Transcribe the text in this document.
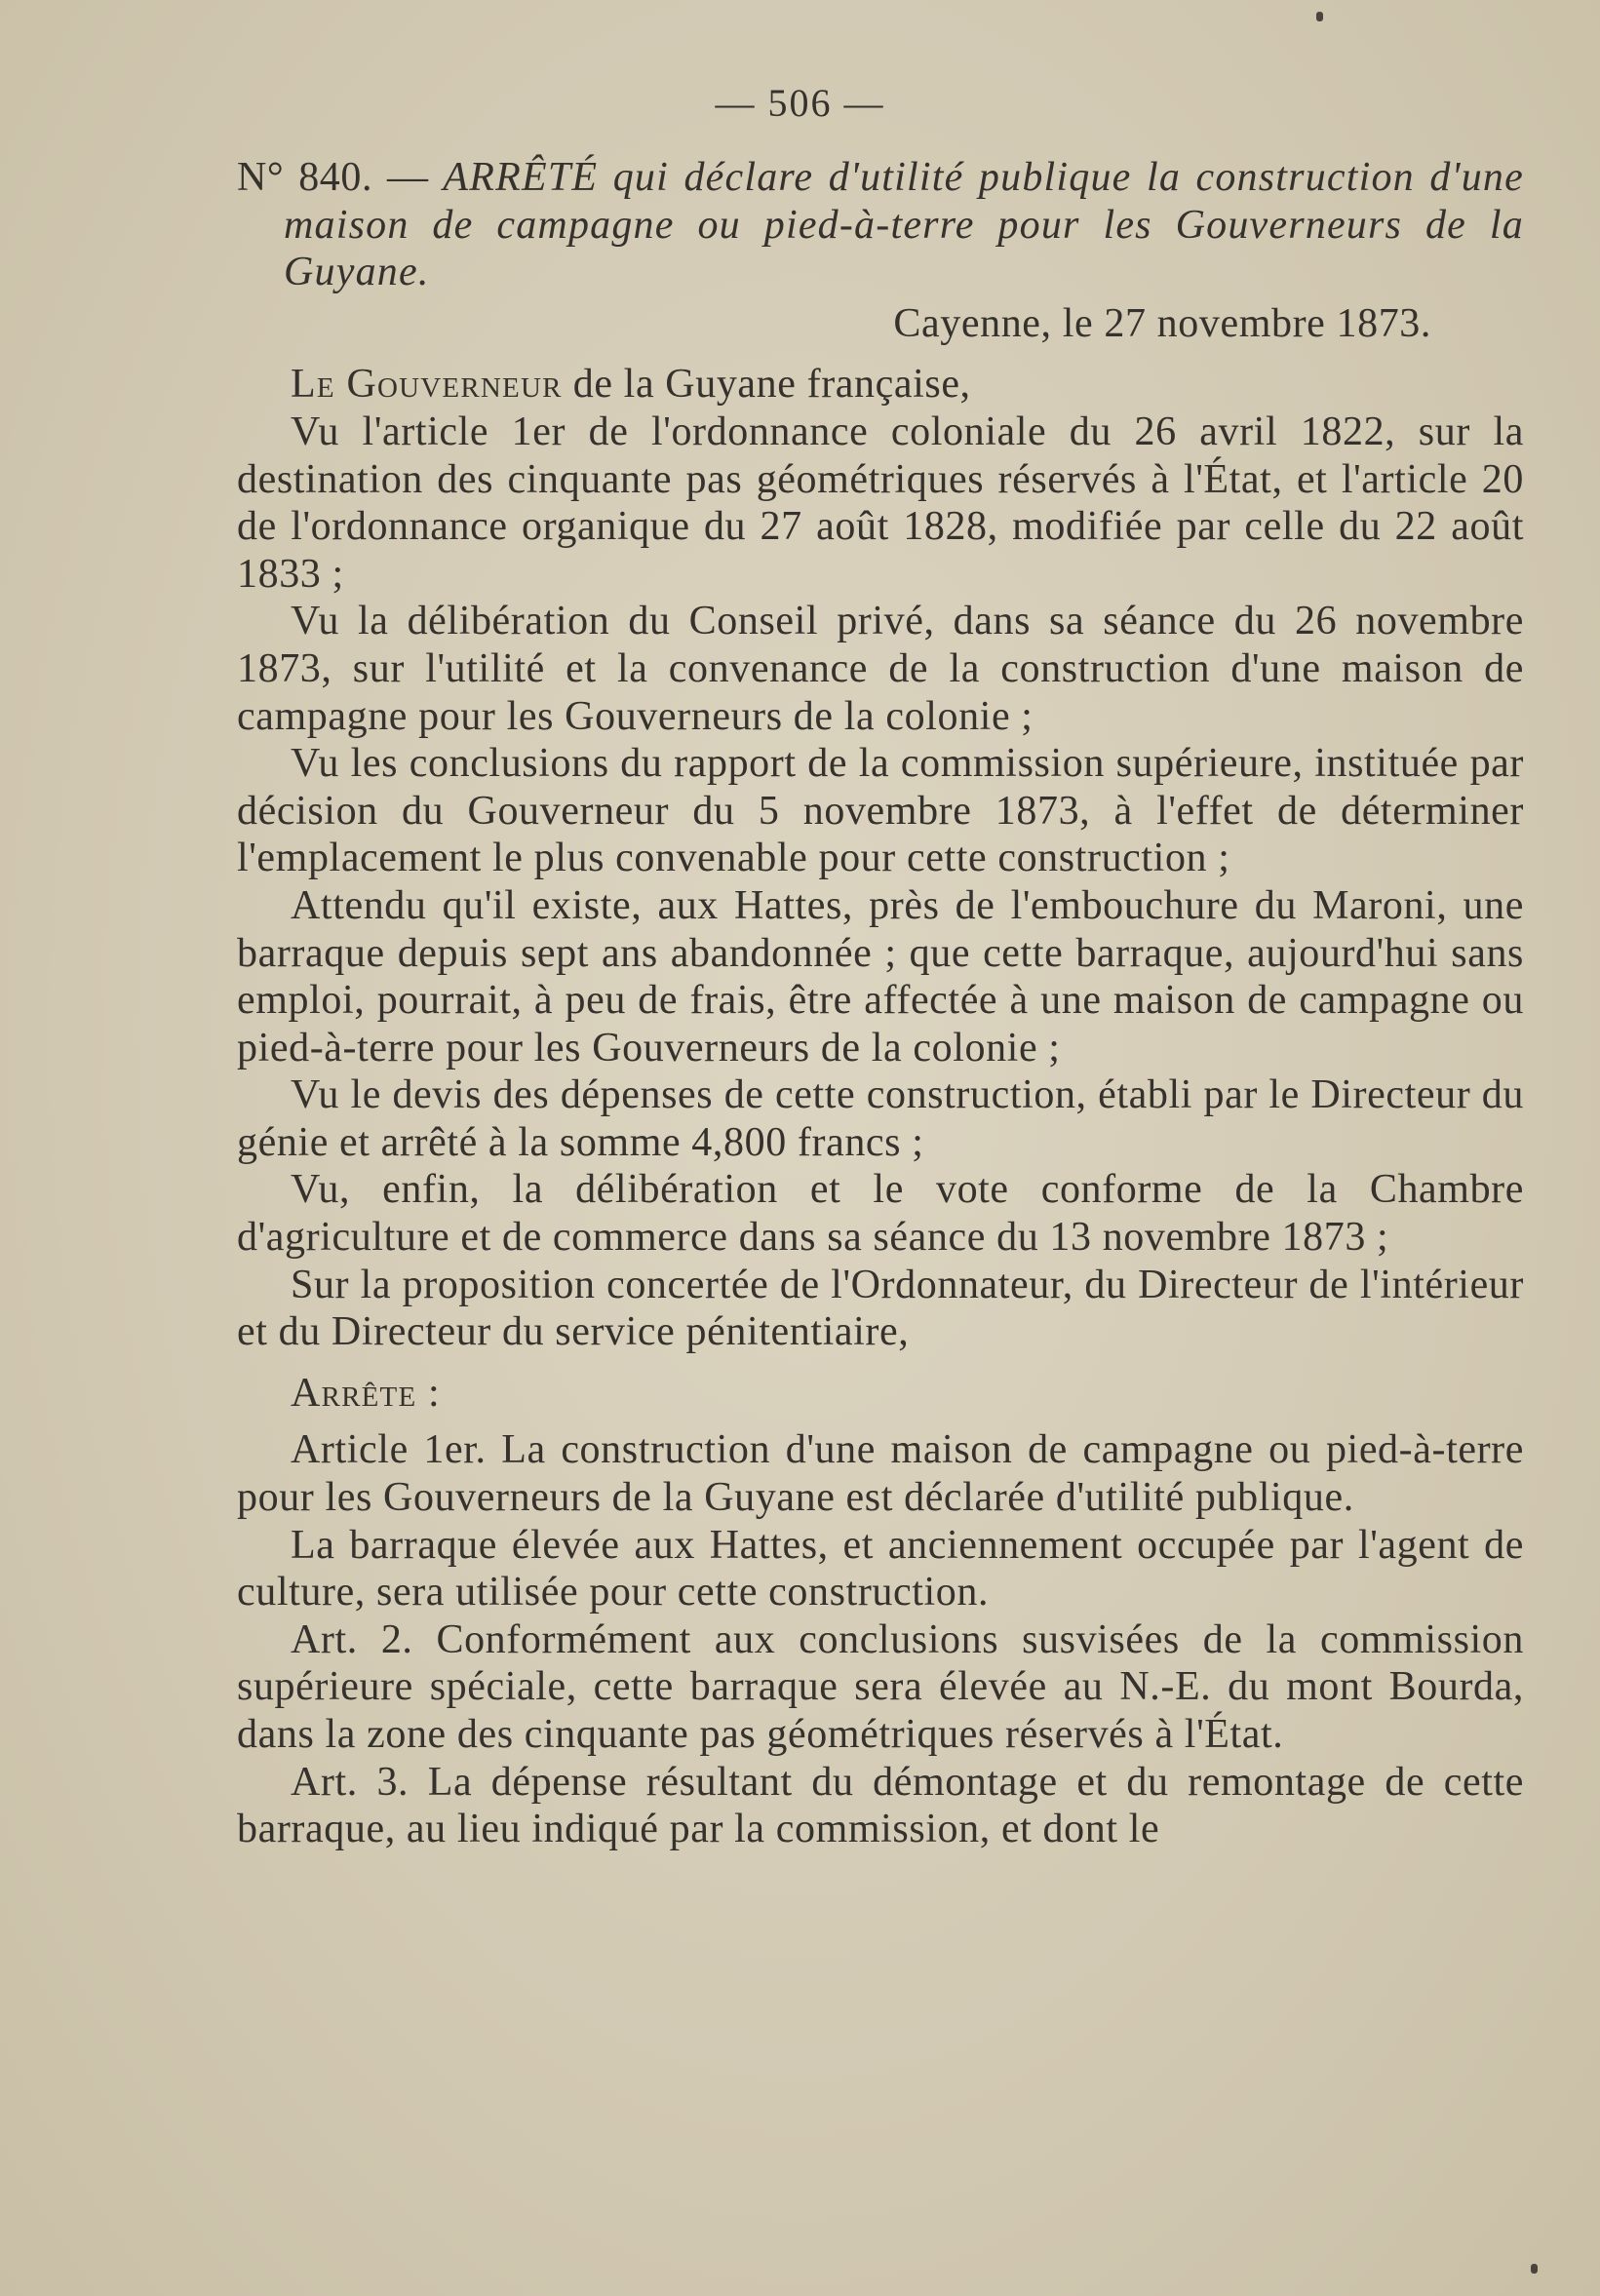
— 506 —

N° 840. — ARRÊTÉ qui déclare d'utilité publique la construction d'une maison de campagne ou pied-à-terre pour les Gouverneurs de la Guyane.

Cayenne, le 27 novembre 1873.

Le Gouverneur de la Guyane française,

Vu l'article 1er de l'ordonnance coloniale du 26 avril 1822, sur la destination des cinquante pas géométriques réservés à l'État, et l'article 20 de l'ordonnance organique du 27 août 1828, modifiée par celle du 22 août 1833 ;

Vu la délibération du Conseil privé, dans sa séance du 26 novembre 1873, sur l'utilité et la convenance de la construction d'une maison de campagne pour les Gouverneurs de la colonie ;

Vu les conclusions du rapport de la commission supérieure, instituée par décision du Gouverneur du 5 novembre 1873, à l'effet de déterminer l'emplacement le plus convenable pour cette construction ;

Attendu qu'il existe, aux Hattes, près de l'embouchure du Maroni, une barraque depuis sept ans abandonnée ; que cette barraque, aujourd'hui sans emploi, pourrait, à peu de frais, être affectée à une maison de campagne ou pied-à-terre pour les Gouverneurs de la colonie ;

Vu le devis des dépenses de cette construction, établi par le Directeur du génie et arrêté à la somme 4,800 francs ;

Vu, enfin, la délibération et le vote conforme de la Chambre d'agriculture et de commerce dans sa séance du 13 novembre 1873 ;

Sur la proposition concertée de l'Ordonnateur, du Directeur de l'intérieur et du Directeur du service pénitentiaire,

Arrête :

Article 1er. La construction d'une maison de campagne ou pied-à-terre pour les Gouverneurs de la Guyane est déclarée d'utilité publique.

La barraque élevée aux Hattes, et anciennement occupée par l'agent de culture, sera utilisée pour cette construction.

Art. 2. Conformément aux conclusions susvisées de la commission supérieure spéciale, cette barraque sera élevée au N.-E. du mont Bourda, dans la zone des cinquante pas géométriques réservés à l'État.

Art. 3. La dépense résultant du démontage et du remontage de cette barraque, au lieu indiqué par la commission, et dont le
